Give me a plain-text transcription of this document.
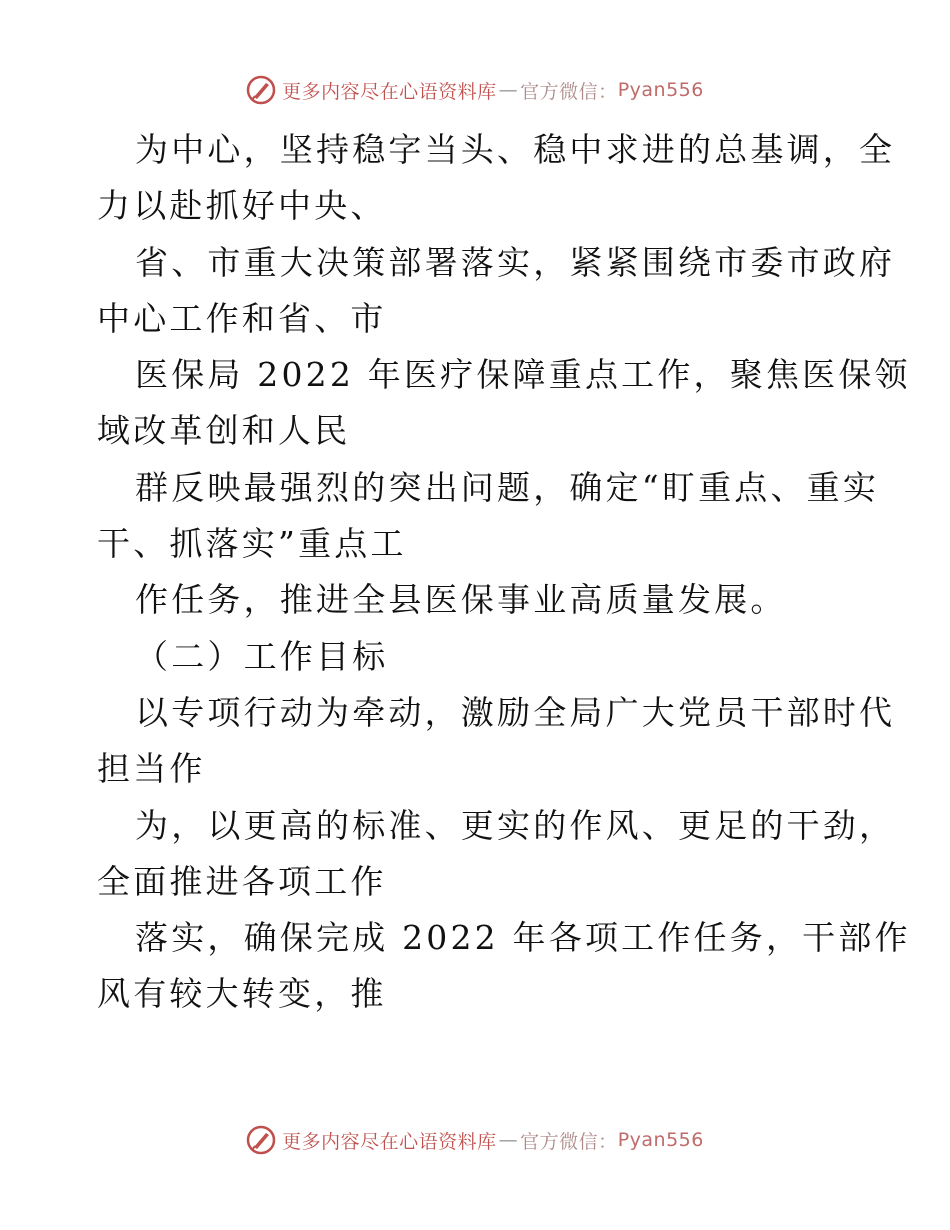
更多内容尽在心语资料库 — 官方微信： Pyan556
为中心，坚持稳字当头、稳中求进的总基调，全
力以赴抓好中央、
省、市重大决策部署落实，紧紧围绕市委市政府
中心工作和省、市
医保局 2022 年医疗保障重点工作，聚焦医保领
域改革创和人民
群反映最强烈的突出问题，确定“盯重点、重实
干、抓落实”重点工
作任务，推进全县医保事业高质量发展。
（二）工作目标
以专项行动为牵动，激励全局广大党员干部时代
担当作
为，以更高的标准、更实的作风、更足的干劲，
全面推进各项工作
落实，确保完成 2022 年各项工作任务，干部作
风有较大转变，推
更多内容尽在心语资料库 — 官方微信： Pyan556
